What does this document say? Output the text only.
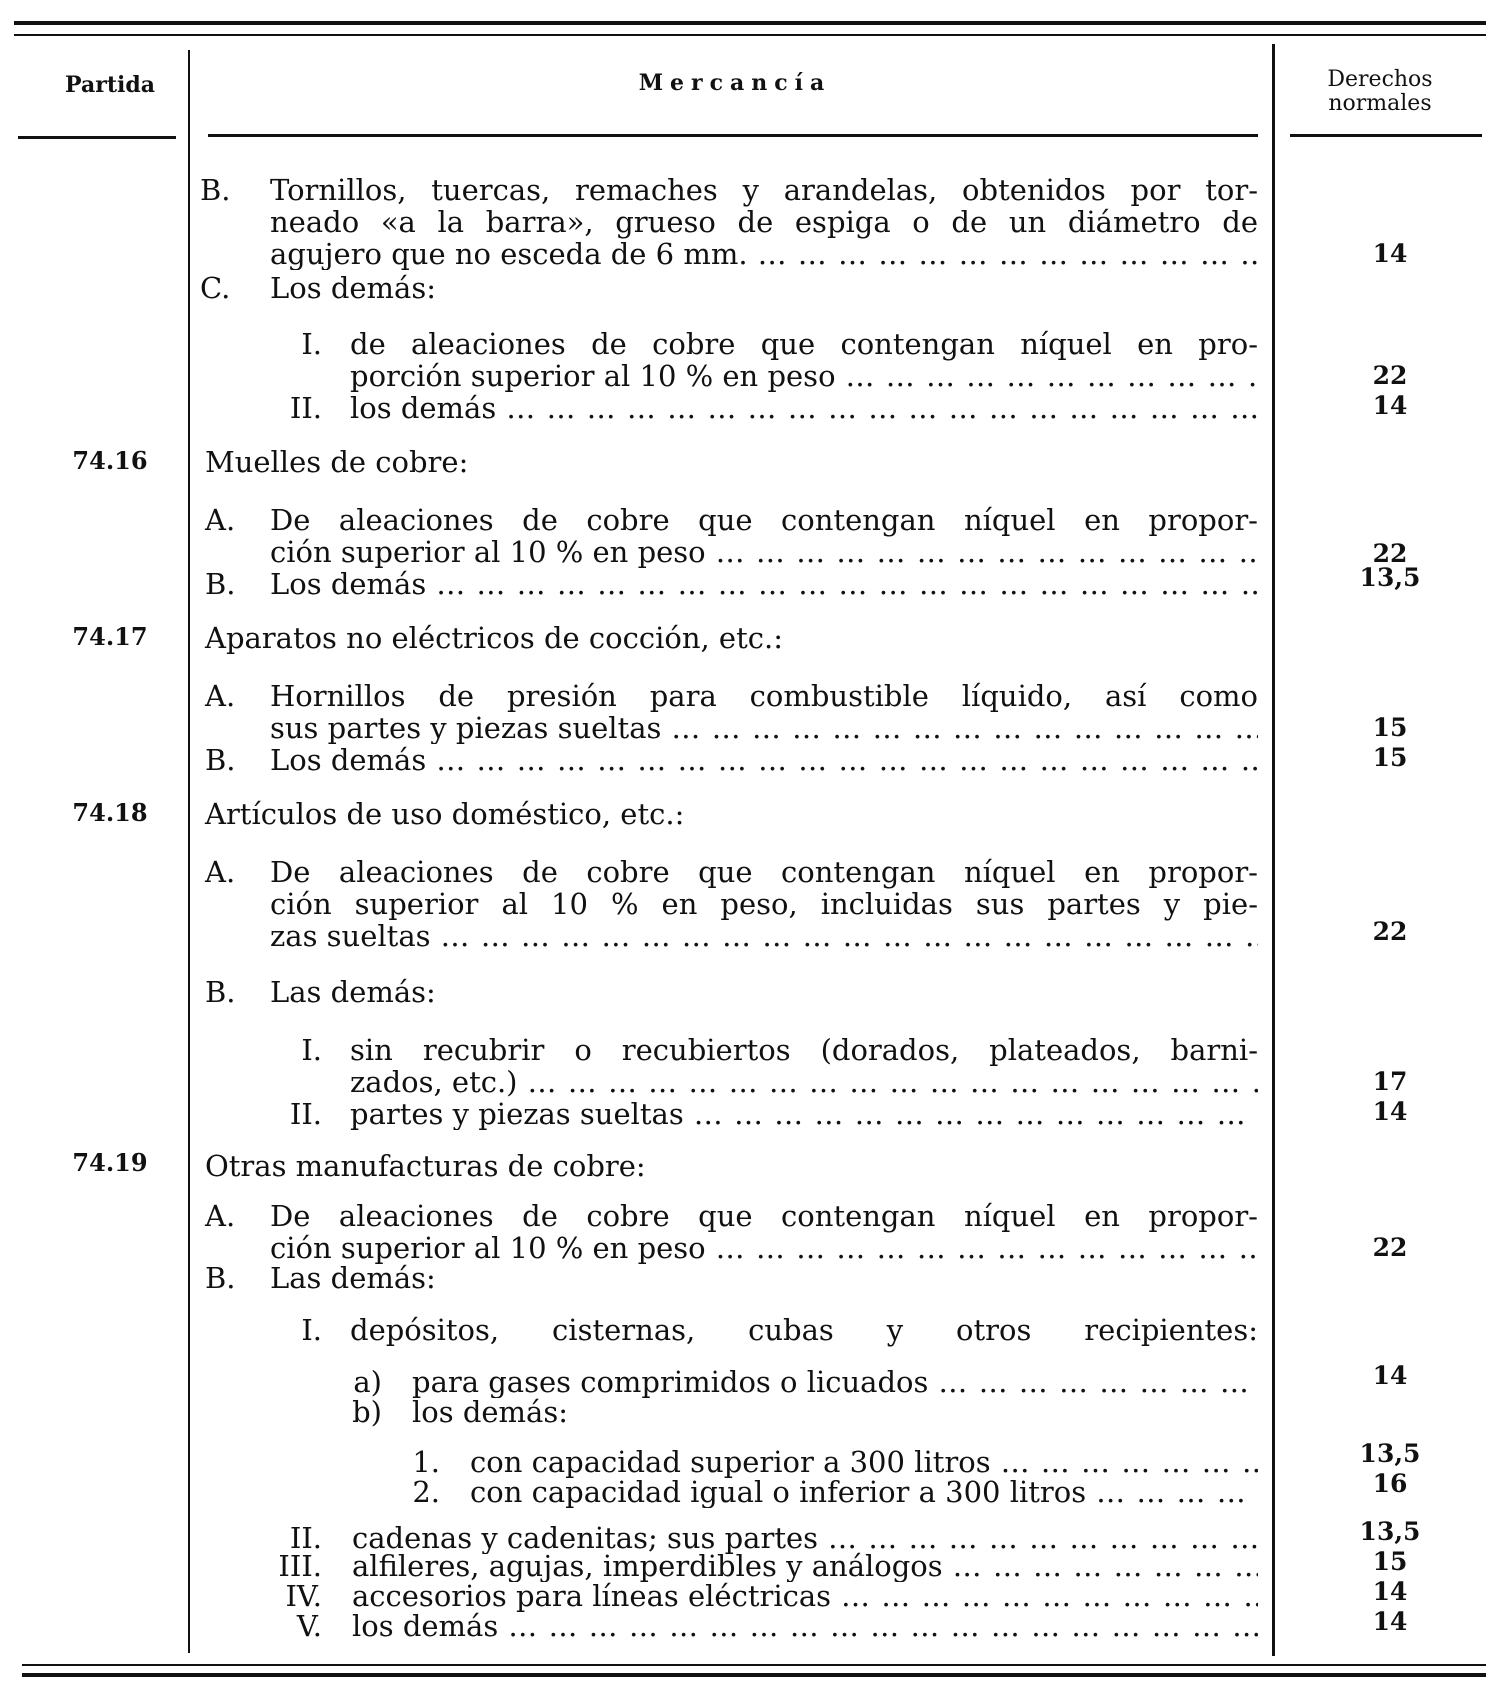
Partida	Mercancía	Derechos normales
B. Tornillos, tuercas, remaches y arandelas, obtenidos por tor-
neado «a la barra», grueso de espiga o de un diámetro de
agujero que no esceda de 6 mm. … … … … … … … … … … … … … … … … … … … … … … … … … … … … … … … … … … … … … … … … …	14
C. Los demás:
I. de aleaciones de cobre que contengan níquel en pro-
porción superior al 10 % en peso … … … … … … … … … … … … … … … … … … … … … … … … … … … … … … … … … … … … … … … … …	22
II. los demás … … … … … … … … … … … … … … … … … … … … … … … … … … … … … … … … … … … … … … … … …	14
74.16	Muelles de cobre:
A. De aleaciones de cobre que contengan níquel en propor-
ción superior al 10 % en peso … … … … … … … … … … … … … … … … … … … … … … … … … … … … … … … … … … … … … … … … …	22
B. Los demás … … … … … … … … … … … … … … … … … … … … … … … … … … … … … … … … … … … … … … … … …	13,5
74.17	Aparatos no eléctricos de cocción, etc.:
A. Hornillos de presión para combustible líquido, así como
sus partes y piezas sueltas … … … … … … … … … … … … … … … … … … … … … … … … … … … … … … … … … … … … … … … … …	15
B. Los demás … … … … … … … … … … … … … … … … … … … … … … … … … … … … … … … … … … … … … … … … …	15
74.18	Artículos de uso doméstico, etc.:
A. De aleaciones de cobre que contengan níquel en propor-
ción superior al 10 % en peso, incluidas sus partes y pie-
zas sueltas … … … … … … … … … … … … … … … … … … … … … … … … … … … … … … … … … … … … … … … … …	22
B. Las demás:
I. sin recubrir o recubiertos (dorados, plateados, barni-
zados, etc.) … … … … … … … … … … … … … … … … … … … … … … … … … … … … … … … … … … … … … … … … …	17
II. partes y piezas sueltas … … … … … … … … … … … … … … … … … … … … … … … … … … … … … … … … … … … … … … … … …	14
74.19	Otras manufacturas de cobre:
A. De aleaciones de cobre que contengan níquel en propor-
ción superior al 10 % en peso … … … … … … … … … … … … … … … … … … … … … … … … … … … … … … … … … … … … … … … … …	22
B. Las demás:
I. depósitos, cisternas, cubas y otros recipientes:
a) para gases comprimidos o licuados … … … … … … … … … … … … … … … … … … … … … … … … … … … … … … … … … … … … … … … … …	14
b) los demás:
1. con capacidad superior a 300 litros … … … … … … … … … … … … … … … … … … … … … … … … … … … … … … … … … … … … … … … … …	13,5
2. con capacidad igual o inferior a 300 litros … … … … … … … … … … … … … … … … … … … … … … … … … … … … … … … … … … … … … … … … …	16
II. cadenas y cadenitas; sus partes … … … … … … … … … … … … … … … … … … … … … … … … … … … … … … … … … … … … … … … … …	13,5
III. alfileres, agujas, imperdibles y análogos … … … … … … … … … … … … … … … … … … … … … … … … … … … … … … … … … … … … … … … … …	15
IV. accesorios para líneas eléctricas … … … … … … … … … … … … … … … … … … … … … … … … … … … … … … … … … … … … … … … … …	14
V. los demás … … … … … … … … … … … … … … … … … … … … … … … … … … … … … … … … … … … … … … … … …	14
